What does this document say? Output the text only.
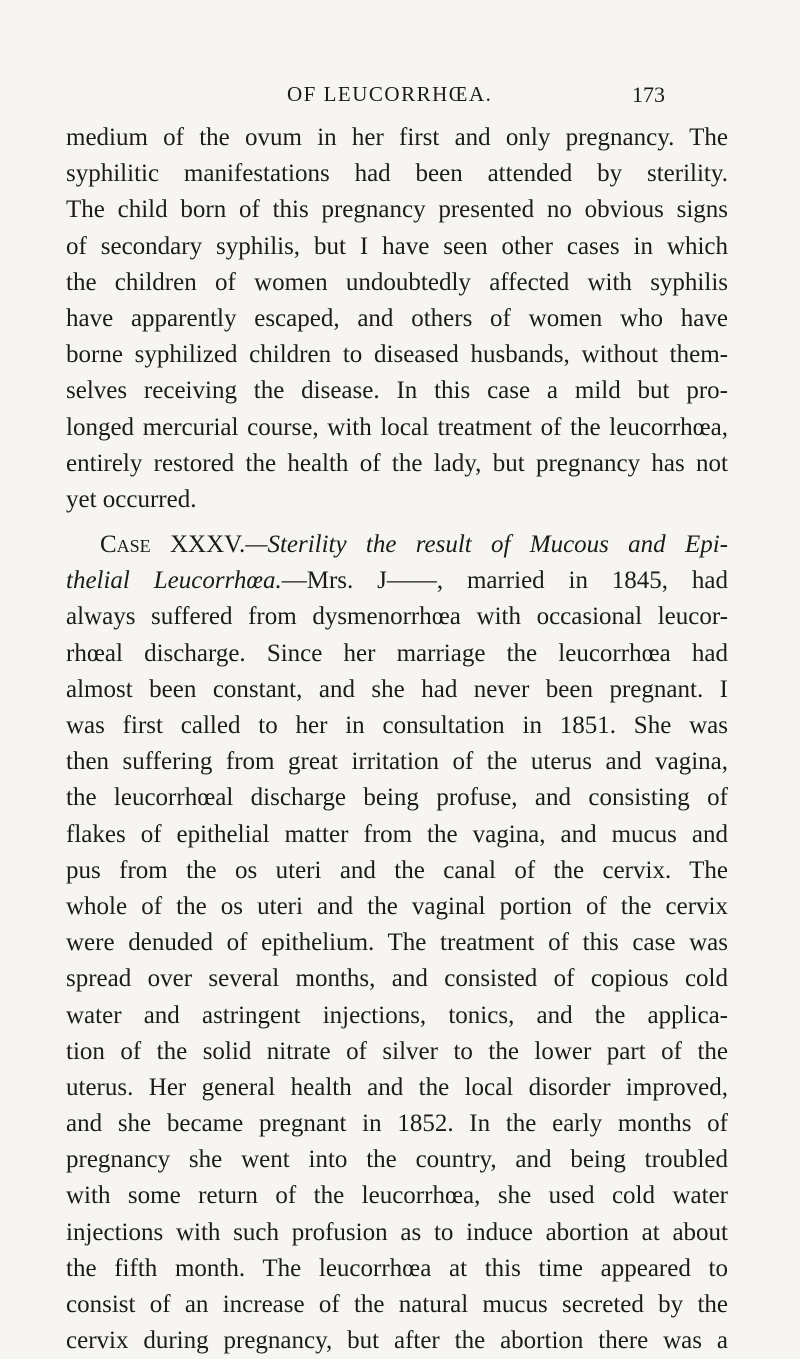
OF LEUCORRHŒA.	173
medium of the ovum in her first and only pregnancy. The
syphilitic manifestations had been attended by sterility.
The child born of this pregnancy presented no obvious signs
of secondary syphilis, but I have seen other cases in which
the children of women undoubtedly affected with syphilis
have apparently escaped, and others of women who have
borne syphilized children to diseased husbands, without them-
selves receiving the disease. In this case a mild but pro-
longed mercurial course, with local treatment of the leucorrhœa,
entirely restored the health of the lady, but pregnancy has not
yet occurred.
Case XXXV.—Sterility the result of Mucous and Epi-
thelial Leucorrhœa.—Mrs. J——, married in 1845, had
always suffered from dysmenorrhœa with occasional leucor-
rhœal discharge. Since her marriage the leucorrhœa had
almost been constant, and she had never been pregnant. I
was first called to her in consultation in 1851. She was
then suffering from great irritation of the uterus and vagina,
the leucorrhœal discharge being profuse, and consisting of
flakes of epithelial matter from the vagina, and mucus and
pus from the os uteri and the canal of the cervix. The
whole of the os uteri and the vaginal portion of the cervix
were denuded of epithelium. The treatment of this case was
spread over several months, and consisted of copious cold
water and astringent injections, tonics, and the applica-
tion of the solid nitrate of silver to the lower part of the
uterus. Her general health and the local disorder improved,
and she became pregnant in 1852. In the early months of
pregnancy she went into the country, and being troubled
with some return of the leucorrhœa, she used cold water
injections with such profusion as to induce abortion at about
the fifth month. The leucorrhœa at this time appeared to
consist of an increase of the natural mucus secreted by the
cervix during pregnancy, but after the abortion there was a
